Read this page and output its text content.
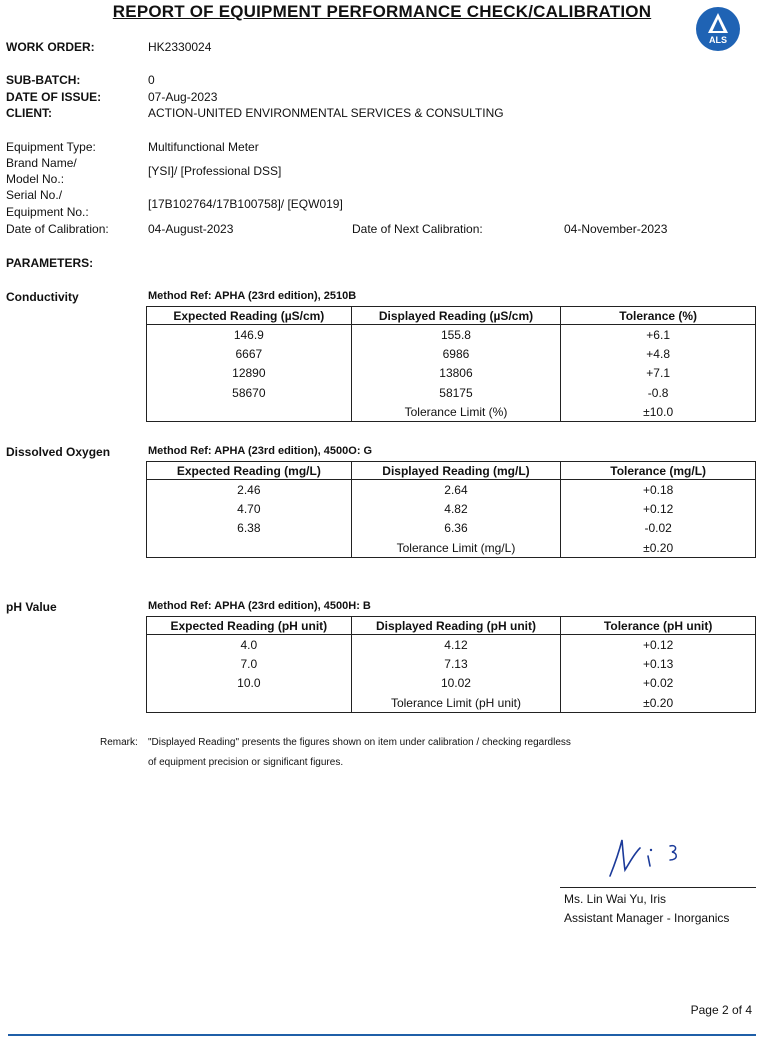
REPORT OF EQUIPMENT PERFORMANCE CHECK/CALIBRATION
ALS
WORK ORDER:	HK2330024
SUB-BATCH:	0
DATE OF ISSUE:	07-Aug-2023
CLIENT:	ACTION-UNITED ENVIRONMENTAL SERVICES & CONSULTING
Equipment Type:	Multifunctional Meter
Brand Name/
Model No.:
[YSI]/ [Professional DSS]
Serial No./
Equipment No.:
[17B102764/17B100758]/ [EQW019]
Date of Calibration:	04-August-2023	Date of Next Calibration:	04-November-2023
PARAMETERS:
Conductivity	Method Ref: APHA (23rd edition), 2510B
Expected Reading (µS/cm)	Displayed Reading (µS/cm)	Tolerance (%)
146.9	155.8	+6.1
6667	6986	+4.8
12890	13806	+7.1
58670	58175	-0.8
	Tolerance Limit (%)	±10.0
Dissolved Oxygen	Method Ref: APHA (23rd edition), 4500O: G
Expected Reading (mg/L)	Displayed Reading (mg/L)	Tolerance (mg/L)
2.46	2.64	+0.18
4.70	4.82	+0.12
6.38	6.36	-0.02
	Tolerance Limit (mg/L)	±0.20
pH Value	Method Ref: APHA (23rd edition), 4500H: B
Expected Reading (pH unit)	Displayed Reading (pH unit)	Tolerance (pH unit)
4.0	4.12	+0.12
7.0	7.13	+0.13
10.0	10.02	+0.02
	Tolerance Limit (pH unit)	±0.20
Remark: "Displayed Reading" presents the figures shown on item under calibration / checking regardless
of equipment precision or significant figures.
Ms. Lin Wai Yu, Iris
Assistant Manager - Inorganics
Page 2 of 4
